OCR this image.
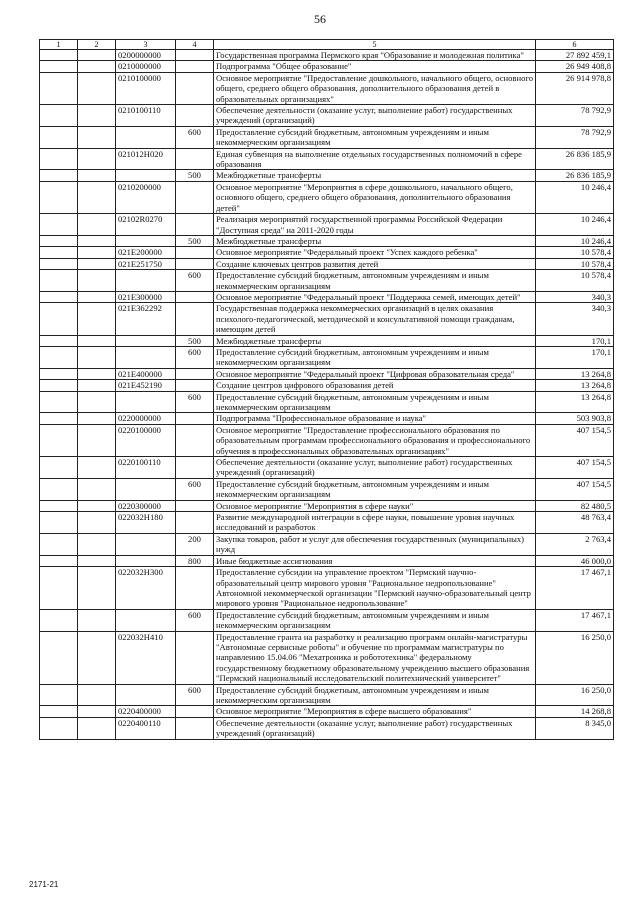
56
1	2	3	4	5	6
		0200000000		Государственная программа Пермского края "Образование и молодежная политика"	27 892 459,1
		0210000000		Подпрограмма "Общее образование"	26 949 408,8
		0210100000		Основное мероприятие "Предоставление дошкольного, начального общего, основного общего, среднего общего образования, дополнительного образования детей в образовательных организациях"	26 914 978,8
		0210100110		Обеспечение деятельности (оказание услуг, выполнение работ) государственных учреждений (организаций)	78 792,9
			600	Предоставление субсидий бюджетным, автономным учреждениям и иным некоммерческим организациям	78 792,9
		021012Н020		Единая субвенция на выполнение отдельных государственных полномочий в сфере образования	26 836 185,9
			500	Межбюджетные трансферты	26 836 185,9
		0210200000		Основное мероприятие "Мероприятия в сфере дошкольного, начального общего, основного общего, среднего общего образования, дополнительного образования детей"	10 246,4
		02102R0270		Реализация мероприятий государственной программы Российской Федерации "Доступная среда" на 2011-2020 годы	10 246,4
			500	Межбюджетные трансферты	10 246,4
		021Е200000		Основное мероприятие "Федеральный проект "Успех каждого ребенка"	10 578,4
		021Е251750		Создание ключевых центров развития детей	10 578,4
			600	Предоставление субсидий бюджетным, автономным учреждениям и иным некоммерческим организациям	10 578,4
		021Е300000		Основное мероприятие "Федеральный проект "Поддержка семей, имеющих детей"	340,3
		021Е362292		Государственная поддержка некоммерческих организаций в целях оказания психолого-педагогической, методической и консультативной помощи гражданам, имеющим детей	340,3
			500	Межбюджетные трансферты	170,1
			600	Предоставление субсидий бюджетным, автономным учреждениям и иным некоммерческим организациям	170,1
		021Е400000		Основное мероприятие "Федеральный проект "Цифровая образовательная среда"	13 264,8
		021Е452190		Создание центров цифрового образования детей	13 264,8
			600	Предоставление субсидий бюджетным, автономным учреждениям и иным некоммерческим организациям	13 264,8
		0220000000		Подпрограмма "Профессиональное образование и наука"	503 903,8
		0220100000		Основное мероприятие "Предоставление профессионального образования по образовательным программам профессионального образования и профессионального обучения в профессиональных образовательных организациях"	407 154,5
		0220100110		Обеспечение деятельности (оказание услуг, выполнение работ) государственных учреждений (организаций)	407 154,5
			600	Предоставление субсидий бюджетным, автономным учреждениям и иным некоммерческим организациям	407 154,5
		0220300000		Основное мероприятие "Мероприятия в сфере науки"	82 480,5
		022032Н180		Развитие международной интеграции в сфере науки, повышение уровня научных исследований и разработок	48 763,4
			200	Закупка товаров, работ и услуг для обеспечения государственных (муниципальных) нужд	2 763,4
			800	Иные бюджетные ассигнования	46 000,0
		022032Н300		Предоставление субсидии на управление проектом "Пермский научно-образовательный центр мирового уровня "Рациональное недропользование" Автономной некоммерческой организации "Пермский научно-образовательный центр мирового уровня "Рациональное недропользование"	17 467,1
			600	Предоставление субсидий бюджетным, автономным учреждениям и иным некоммерческим организациям	17 467,1
		022032Н410		Предоставление гранта на разработку и реализацию программ онлайн-магистратуры "Автономные сервисные роботы" и обучение по программам магистратуры по направлению 15.04.06 "Мехатроника и робототехника" федеральному государственному бюджетному образовательному учреждению высшего образования "Пермский национальный исследовательский политехнический университет"	16 250,0
			600	Предоставление субсидий бюджетным, автономным учреждениям и иным некоммерческим организациям	16 250,0
		0220400000		Основное мероприятие "Мероприятия в сфере высшего образования"	14 268,8
		0220400110		Обеспечение деятельности (оказание услуг, выполнение работ) государственных учреждений (организаций)	8 345,0
2171-21
